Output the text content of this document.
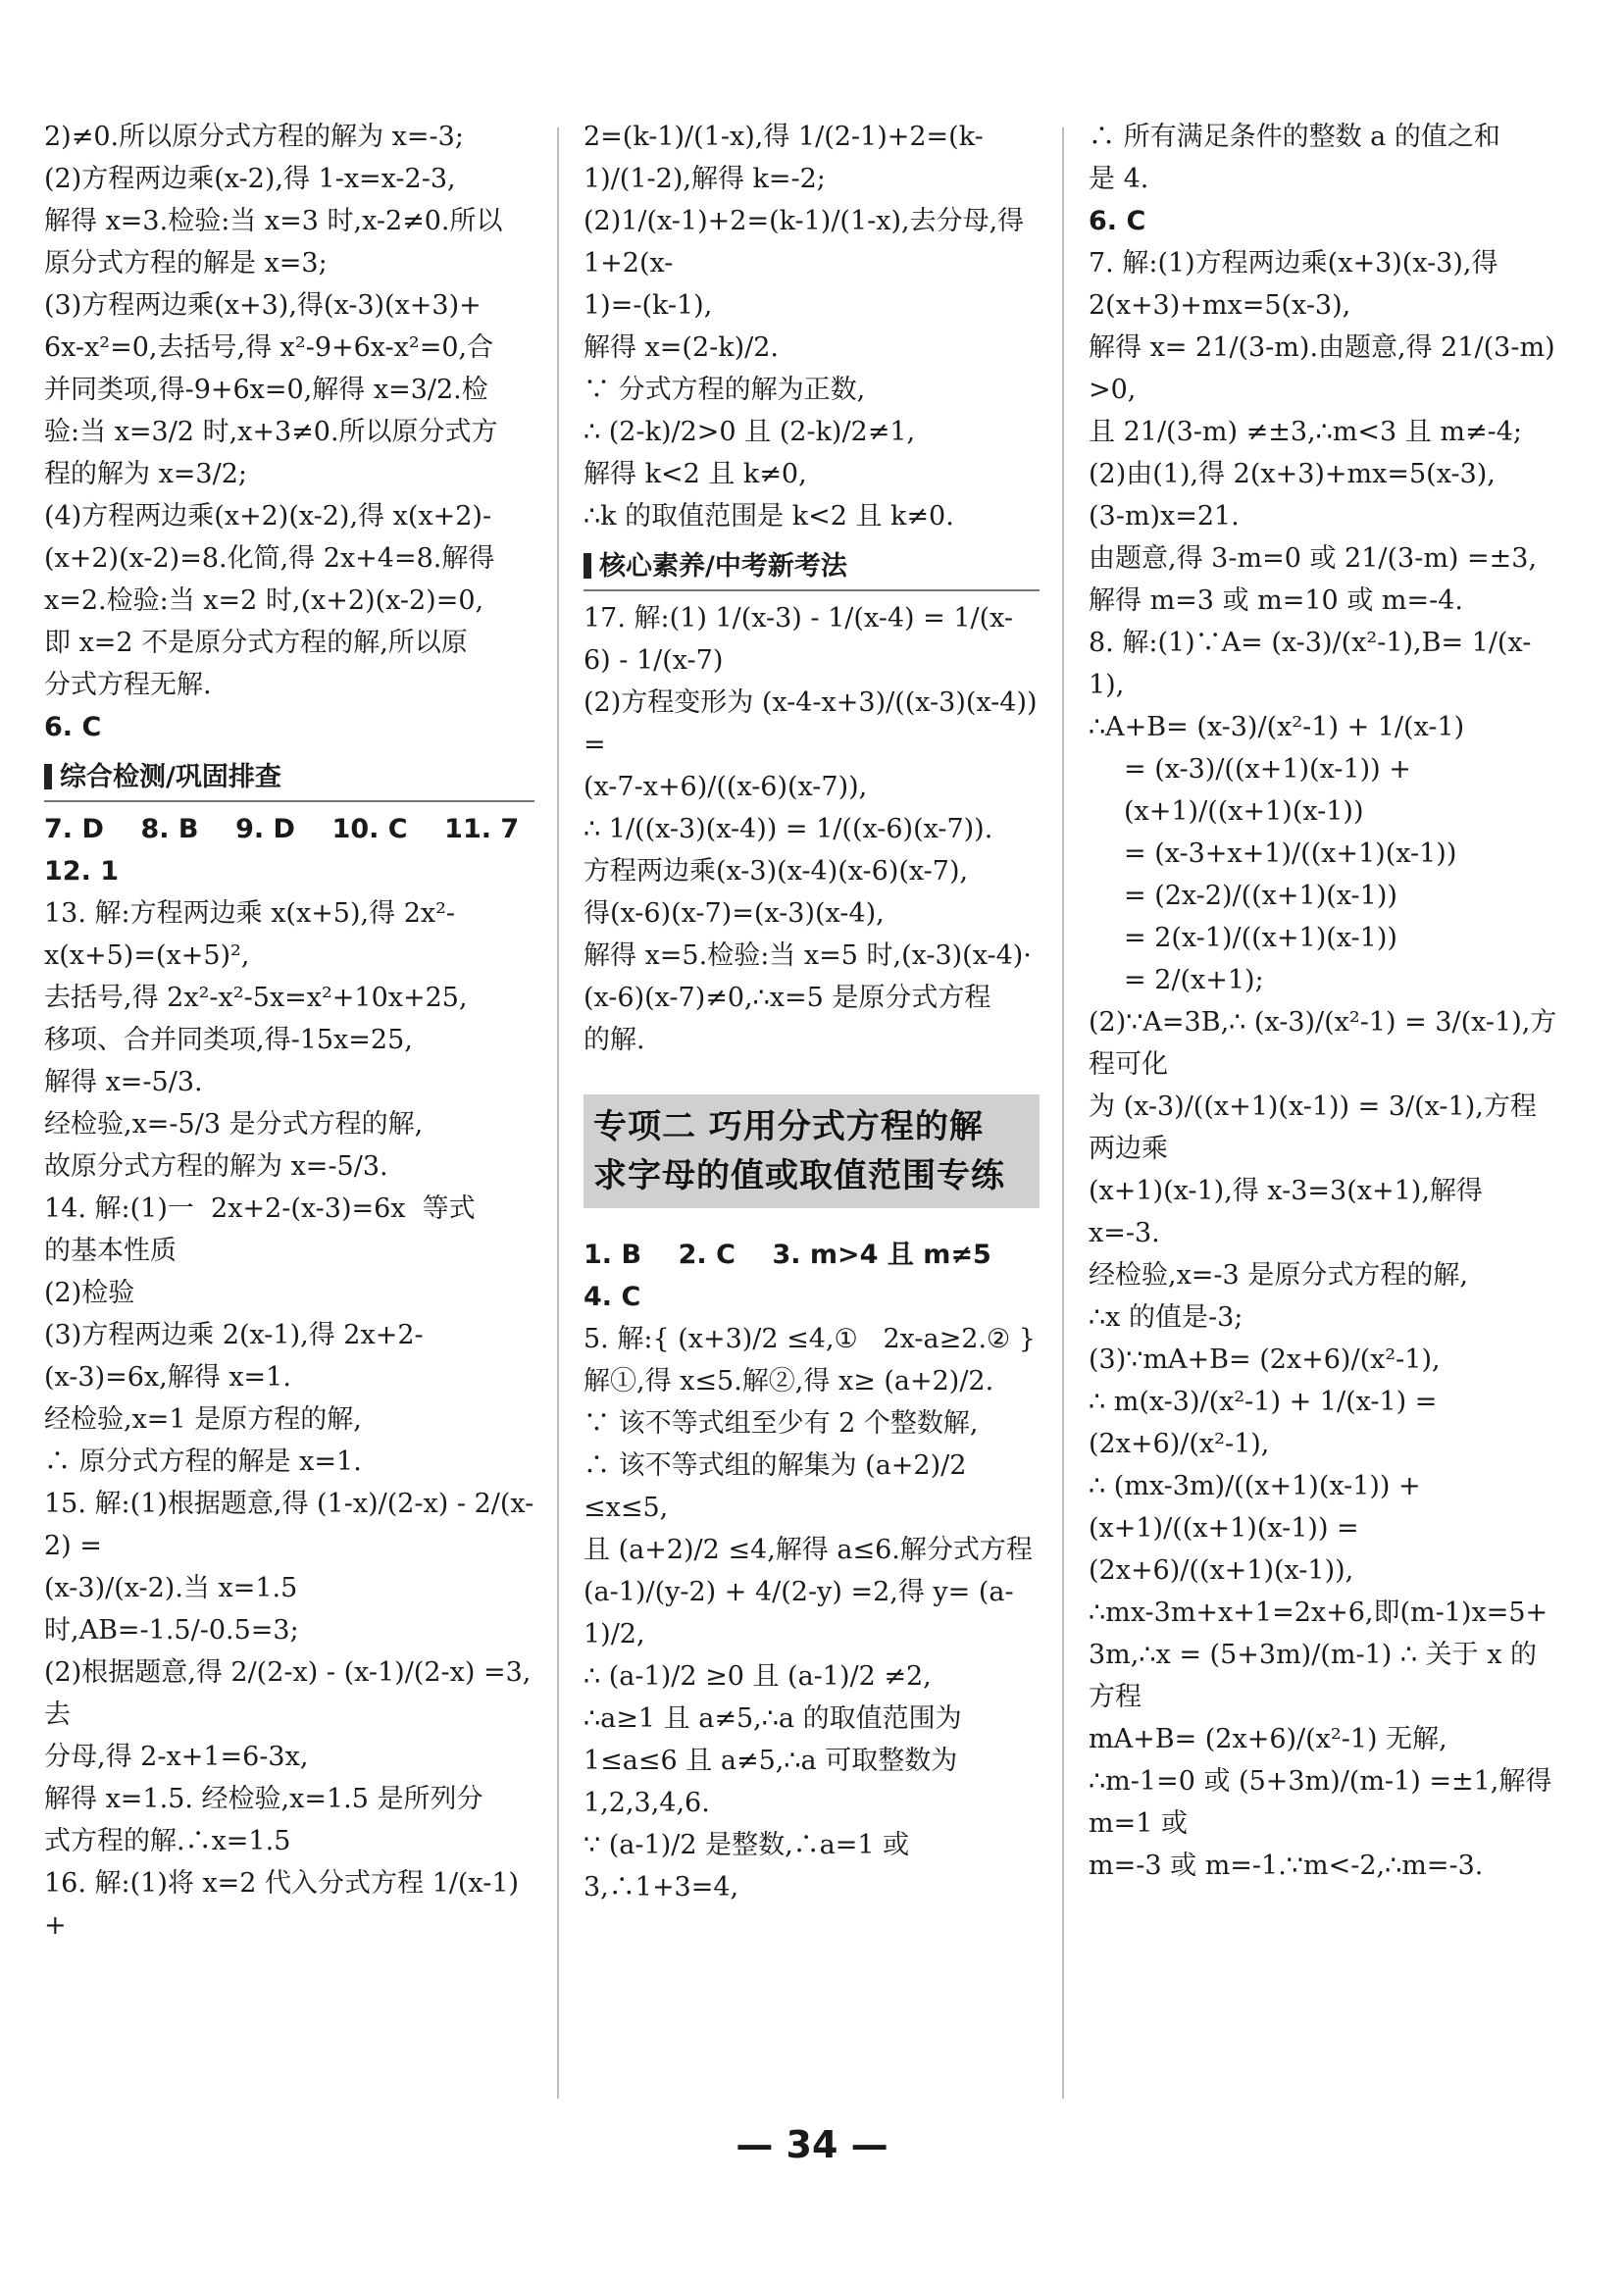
2)≠0.所以原分式方程的解为 x=-3;

(2)方程两边乘(x-2),得 1-x=x-2-3,

解得 x=3.检验:当 x=3 时,x-2≠0.所以

原分式方程的解是 x=3;

(3)方程两边乘(x+3),得(x-3)(x+3)+

6x-x²=0,去括号,得 x²-9+6x-x²=0,合

并同类项,得-9+6x=0,解得 x=3/2.检

验:当 x=3/2 时,x+3≠0.所以原分式方

程的解为 x=3/2;

(4)方程两边乘(x+2)(x-2),得 x(x+2)-

(x+2)(x-2)=8.化简,得 2x+4=8.解得

x=2.检验:当 x=2 时,(x+2)(x-2)=0,

即 x=2 不是原分式方程的解,所以原

分式方程无解.

6. C

综合检测/巩固排查

7. D    8. B    9. D    10. C    11. 7

12. 1

13. 解:方程两边乘 x(x+5),得 2x²-

x(x+5)=(x+5)²,

去括号,得 2x²-x²-5x=x²+10x+25,

移项、合并同类项,得-15x=25,

解得 x=-5/3.

经检验,x=-5/3 是分式方程的解,

故原分式方程的解为 x=-5/3.

14. 解:(1)一  2x+2-(x-3)=6x  等式

的基本性质

(2)检验

(3)方程两边乘 2(x-1),得 2x+2-

(x-3)=6x,解得 x=1.

经检验,x=1 是原方程的解,

∴ 原分式方程的解是 x=1.

15. 解:(1)根据题意,得 (1-x)/(2-x) - 2/(x-2) =

(x-3)/(x-2).当 x=1.5 时,AB=-1.5/-0.5=3;

(2)根据题意,得 2/(2-x) - (x-1)/(2-x) =3,去

分母,得 2-x+1=6-3x,

解得 x=1.5. 经检验,x=1.5 是所列分

式方程的解.∴x=1.5

16. 解:(1)将 x=2 代入分式方程 1/(x-1) +

2=(k-1)/(1-x),得 1/(2-1)+2=(k-1)/(1-2),解得 k=-2;

(2)1/(x-1)+2=(k-1)/(1-x),去分母,得 1+2(x-

1)=-(k-1),

解得 x=(2-k)/2.

∵ 分式方程的解为正数,

∴ (2-k)/2>0 且 (2-k)/2≠1,

解得 k<2 且 k≠0,

∴k 的取值范围是 k<2 且 k≠0.

核心素养/中考新考法

17. 解:(1) 1/(x-3) - 1/(x-4) = 1/(x-6) - 1/(x-7)

(2)方程变形为 (x-4-x+3)/((x-3)(x-4)) =

(x-7-x+6)/((x-6)(x-7)),

∴ 1/((x-3)(x-4)) = 1/((x-6)(x-7)).

方程两边乘(x-3)(x-4)(x-6)(x-7),

得(x-6)(x-7)=(x-3)(x-4),

解得 x=5.检验:当 x=5 时,(x-3)(x-4)·

(x-6)(x-7)≠0,∴x=5 是原分式方程

的解.

专项二 巧用分式方程的解
求字母的值或取值范围专练

1. B    2. C    3. m>4 且 m≠5

4. C

5. 解:{ (x+3)/2 ≤4,①   2x-a≥2.② }

解①,得 x≤5.解②,得 x≥ (a+2)/2.

∵ 该不等式组至少有 2 个整数解,

∴ 该不等式组的解集为 (a+2)/2 ≤x≤5,

且 (a+2)/2 ≤4,解得 a≤6.解分式方程

(a-1)/(y-2) + 4/(2-y) =2,得 y= (a-1)/2,

∴ (a-1)/2 ≥0 且 (a-1)/2 ≠2,

∴a≥1 且 a≠5,∴a 的取值范围为

1≤a≤6 且 a≠5,∴a 可取整数为

1,2,3,4,6.

∵ (a-1)/2 是整数,∴a=1 或3,∴1+3=4,

∴ 所有满足条件的整数 a 的值之和

是 4.

6. C

7. 解:(1)方程两边乘(x+3)(x-3),得

2(x+3)+mx=5(x-3),

解得 x= 21/(3-m).由题意,得 21/(3-m) >0,

且 21/(3-m) ≠±3,∴m<3 且 m≠-4;

(2)由(1),得 2(x+3)+mx=5(x-3),

(3-m)x=21.

由题意,得 3-m=0 或 21/(3-m) =±3,

解得 m=3 或 m=10 或 m=-4.

8. 解:(1)∵A= (x-3)/(x²-1),B= 1/(x-1),

∴A+B= (x-3)/(x²-1) + 1/(x-1)

= (x-3)/((x+1)(x-1)) + (x+1)/((x+1)(x-1))

= (x-3+x+1)/((x+1)(x-1))

= (2x-2)/((x+1)(x-1))

= 2(x-1)/((x+1)(x-1))

= 2/(x+1);

(2)∵A=3B,∴ (x-3)/(x²-1) = 3/(x-1),方程可化

为 (x-3)/((x+1)(x-1)) = 3/(x-1),方程两边乘

(x+1)(x-1),得 x-3=3(x+1),解得

x=-3.

经检验,x=-3 是原分式方程的解,

∴x 的值是-3;

(3)∵mA+B= (2x+6)/(x²-1),

∴ m(x-3)/(x²-1) + 1/(x-1) = (2x+6)/(x²-1),

∴ (mx-3m)/((x+1)(x-1)) + (x+1)/((x+1)(x-1)) =

(2x+6)/((x+1)(x-1)),

∴mx-3m+x+1=2x+6,即(m-1)x=5+

3m,∴x = (5+3m)/(m-1) ∴ 关于 x 的方程

mA+B= (2x+6)/(x²-1) 无解,

∴m-1=0 或 (5+3m)/(m-1) =±1,解得 m=1 或

m=-3 或 m=-1.∵m<-2,∴m=-3.

— 34 —
